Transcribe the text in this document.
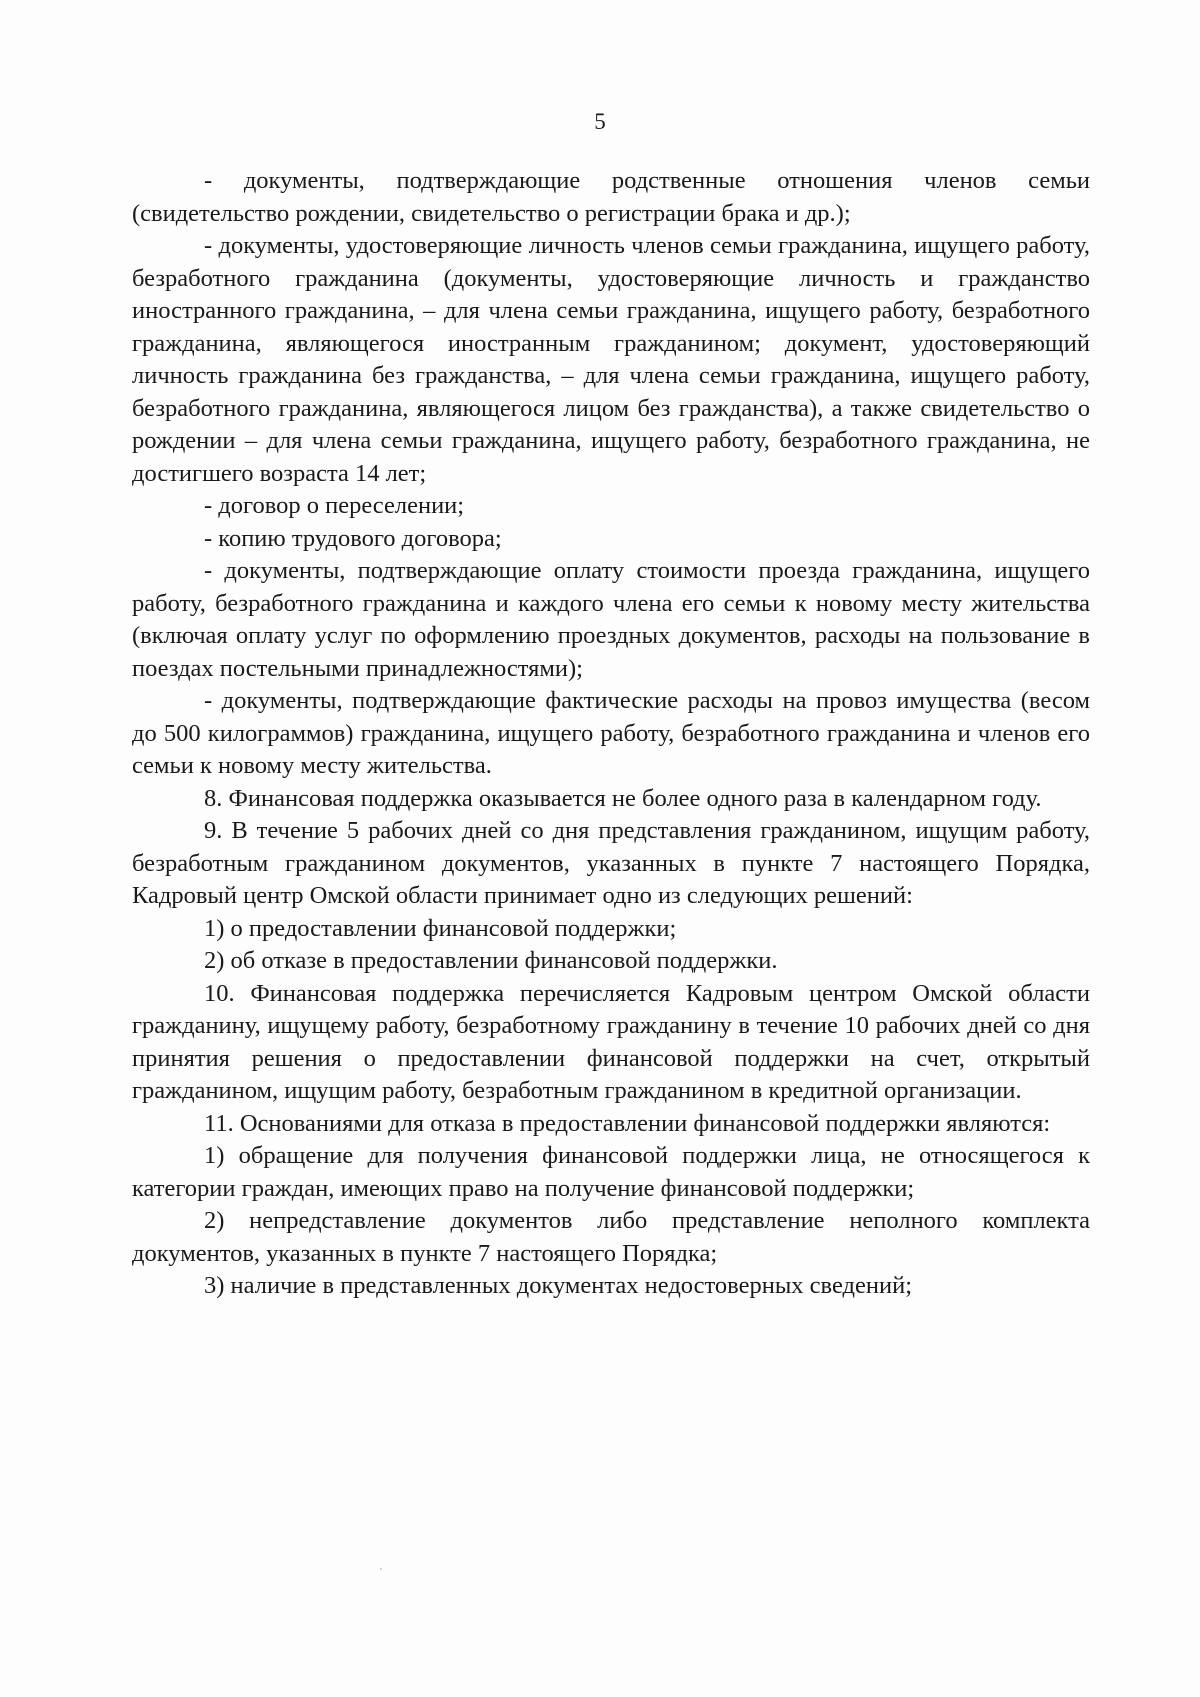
5

- документы, подтверждающие родственные отношения членов семьи (свидетельство рождении, свидетельство о регистрации брака и др.);

- документы, удостоверяющие личность членов семьи гражданина, ищущего работу, безработного гражданина (документы, удостоверяющие личность и гражданство иностранного гражданина, – для члена семьи гражданина, ищущего работу, безработного гражданина, являющегося иностранным гражданином; документ, удостоверяющий личность гражданина без гражданства, – для члена семьи гражданина, ищущего работу, безработного гражданина, являющегося лицом без гражданства), а также свидетельство о рождении – для члена семьи гражданина, ищущего работу, безработного гражданина, не достигшего возраста 14 лет;

- договор о переселении;

- копию трудового договора;

- документы, подтверждающие оплату стоимости проезда гражданина, ищущего работу, безработного гражданина и каждого члена его семьи к новому месту жительства (включая оплату услуг по оформлению проездных документов, расходы на пользование в поездах постельными принадлежностями);

- документы, подтверждающие фактические расходы на провоз имущества (весом до 500 килограммов) гражданина, ищущего работу, безработного гражданина и членов его семьи к новому месту жительства.

8. Финансовая поддержка оказывается не более одного раза в календарном году.

9. В течение 5 рабочих дней со дня представления гражданином, ищущим работу, безработным гражданином документов, указанных в пункте 7 настоящего Порядка, Кадровый центр Омской области принимает одно из следующих решений:

1) о предоставлении финансовой поддержки;

2) об отказе в предоставлении финансовой поддержки.

10. Финансовая поддержка перечисляется Кадровым центром Омской области гражданину, ищущему работу, безработному гражданину в течение 10 рабочих дней со дня принятия решения о предоставлении финансовой поддержки на счет, открытый гражданином, ищущим работу, безработным гражданином в кредитной организации.

11. Основаниями для отказа в предоставлении финансовой поддержки являются:

1) обращение для получения финансовой поддержки лица, не относящегося к категории граждан, имеющих право на получение финансовой поддержки;

2) непредставление документов либо представление неполного комплекта документов, указанных в пункте 7 настоящего Порядка;

3) наличие в представленных документах недостоверных сведений;
